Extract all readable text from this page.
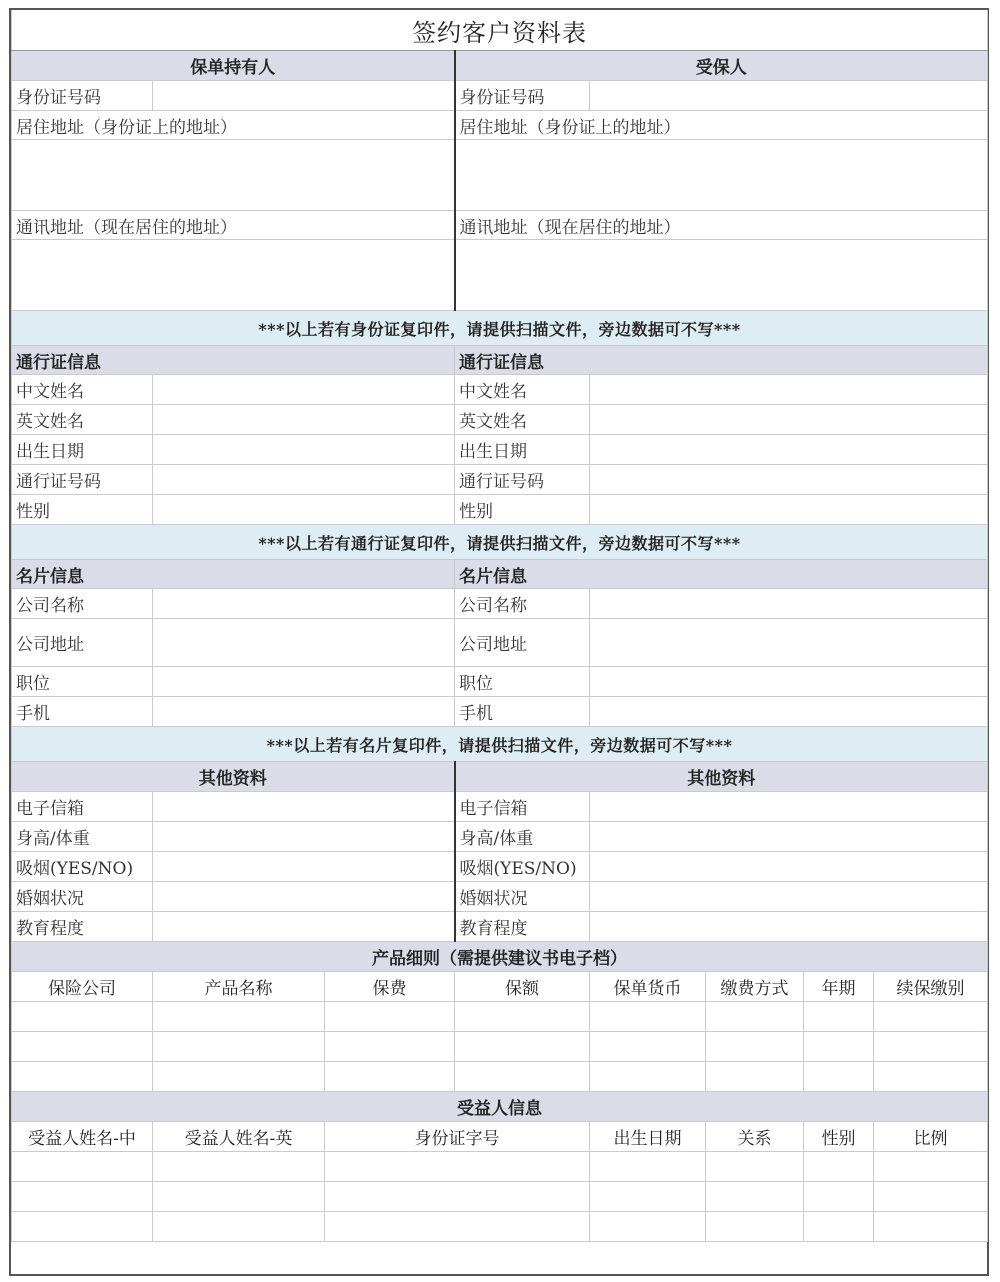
签约客户资料表							
保单持有人			受保人				
身份证号码			身份证号码				
居住地址（身份证上的地址）			居住地址（身份证上的地址）				

通讯地址（现在居住的地址）			通讯地址（现在居住的地址）				

***以上若有身份证复印件，请提供扫描文件，旁边数据可不写***							
通行证信息			通行证信息				
中文姓名			中文姓名				
英文姓名			英文姓名				
出生日期			出生日期				
通行证号码			通行证号码				
性别			性别				
***以上若有通行证复印件，请提供扫描文件，旁边数据可不写***							
名片信息			名片信息				
公司名称			公司名称				
公司地址			公司地址				
职位			职位				
手机			手机				
***以上若有名片复印件，请提供扫描文件，旁边数据可不写***							
其他资料			其他资料				
电子信箱			电子信箱				
身高/体重			身高/体重				
吸烟(YES/NO)			吸烟(YES/NO)				
婚姻状况			婚姻状况				
教育程度			教育程度				
产品细则（需提供建议书电子档）							
保险公司	产品名称	保费	保额	保单货币	缴费方式	年期	续保缴别

受益人信息							
受益人姓名-中	受益人姓名-英	身份证字号		出生日期	关系	性别	比例
